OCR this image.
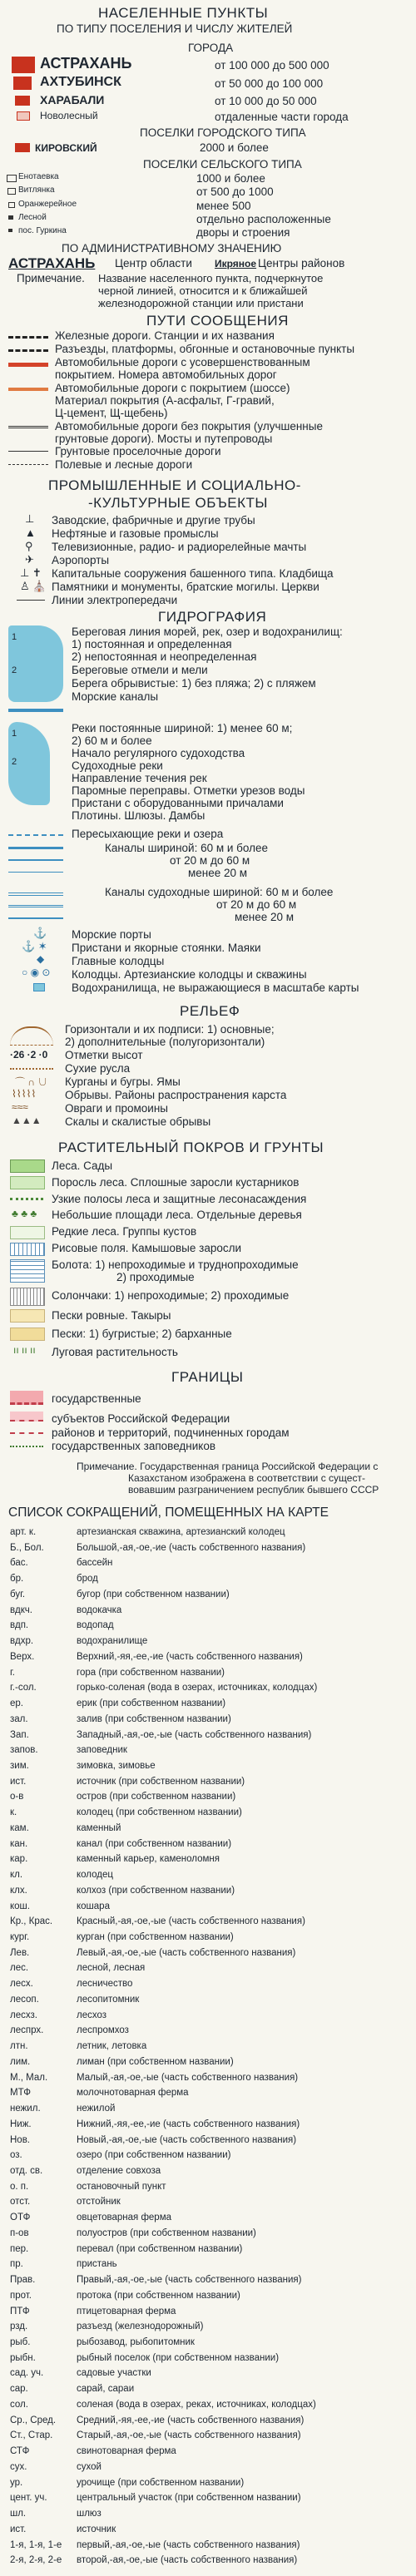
НАСЕЛЕННЫЕ ПУНКТЫ
ПО ТИПУ ПОСЕЛЕНИЯ И ЧИСЛУ ЖИТЕЛЕЙ
ГОРОДА
АСТРАХАНЬ	от 100 000 до 500 000
АХТУБИНСК	от 50 000 до 100 000
ХАРАБАЛИ	от 10 000 до 50 000
Новолесный	отдаленные части города
ПОСЕЛКИ ГОРОДСКОГО ТИПА
КИРОВСКИЙ	2000 и более
ПОСЕЛКИ СЕЛЬСКОГО ТИПА
Енотаевка	1000 и более
Витлянка	от 500 до 1000
Оранжерейное	менее 500
Лесной	отдельно расположенные
пос. Гуркина	дворы и строения
ПО АДМИНИСТРАТИВНОМУ ЗНАЧЕНИЮ
АСТРАХАНЬ Центр области Икряное Центры районов
Примечание. Название населенного пункта, подчеркнутое
черной линией, относится и к ближайшей
железнодорожной станции или пристани
ПУТИ СООБЩЕНИЯ
Железные дороги. Станции и их названия
Разъезды, платформы, обгонные и остановочные пункты
Автомобильные дороги с усовершенствованным
покрытием. Номера автомобильных дорог
Автомобильные дороги с покрытием (шоссе)
Материал покрытия (А-асфальт, Г-гравий,
Ц-цемент, Щ-щебень)
Автомобильные дороги без покрытия (улучшенные
грунтовые дороги). Мосты и путепроводы
Грунтовые проселочные дороги
Полевые и лесные дороги
ПРОМЫШЛЕННЫЕ И СОЦИАЛЬНО-
-КУЛЬТУРНЫЕ ОБЪЕКТЫ
⊥ Заводские, фабричные и другие трубы
▲ Нефтяные и газовые промыслы
⚲ Телевизионные, радио- и радиорелейные мачты
✈ Аэропорты
⊥ ✝ Капитальные сооружения башенного типа. Кладбища
♙ ⛪ Памятники и монументы, братские могилы. Церкви
Линии электропередачи
ГИДРОГРАФИЯ
1
2
Береговая линия морей, рек, озер и водохранилищ:
1) постоянная и определенная
2) непостоянная и неопределенная
Береговые отмели и мели
Берега обрывистые: 1) без пляжа; 2) с пляжем
Морские каналы
1
2
Реки постоянные шириной: 1) менее 60 м;
2) 60 м и более
Начало регулярного судоходства
Судоходные реки
Направление течения рек
Паромные переправы. Отметки урезов воды
Пристани с оборудованными причалами
Плотины. Шлюзы. Дамбы
Пересыхающие реки и озера
Каналы шириной: 60 м и более
от 20 м до 60 м
менее 20 м
Каналы судоходные шириной: 60 м и более
от 20 м до 60 м
менее 20 м
⚓ Морские порты
⚓ ✶ Пристани и якорные стоянки. Маяки
◆ Главные колодцы
○ ◉ ⊙ Колодцы. Артезианские колодцы и скважины
Водохранилища, не выражающиеся в масштабе карты
РЕЛЬЕФ
Горизонтали и их подписи: 1) основные;
2) дополнительные (полугоризонтали)
·26 ·2 ·0 Отметки высот
Сухие русла
⌒ ∩ ∪ Курганы и бугры. Ямы
⌇⌇⌇⌇⌇	Обрывы. Районы распространения карста
≈≈≈	Овраги и промоины
▲▲▲ Скалы и скалистые обрывы
РАСТИТЕЛЬНЫЙ ПОКРОВ И ГРУНТЫ
Леса. Сады
Поросль леса. Сплошные заросли кустарников
Узкие полосы леса и защитные лесонасаждения
♣ ♣ ♣ Небольшие площади леса. Отдельные деревья
Редкие леса. Группы кустов
Рисовые поля. Камышовые заросли
Болота: 1) непроходимые и труднопроходимые
2) проходимые
Солончаки: 1) непроходимые; 2) проходимые
Пески ровные. Такыры
Пески: 1) бугристые; 2) барханные
ıı ıı ıı Луговая растительность
ГРАНИЦЫ
государственные
субъектов Российской Федерации
районов и территорий, подчиненных городам
государственных заповедников
Примечание. Государственная граница Российской Федерации с
Казахстаном изображена в соответствии с сущест-
вовавшим разграничением республик бывшего СССР
СПИСОК СОКРАЩЕНИЙ, ПОМЕЩЕННЫХ НА КАРТЕ
арт. к.	артезианская скважина, артезианский колодец
Б., Бол.	Большой,-ая,-ое,-ие (часть собственного названия)
бас.	бассейн
бр.	брод
буг.	бугор (при собственном названии)
вдкч.	водокачка
вдп.	водопад
вдхр.	водохранилище
Верх.	Верхний,-яя,-ее,-ие (часть собственного названия)
г.	гора (при собственном названии)
г.-сол.	горько-соленая (вода в озерах, источниках, колодцах)
ер.	ерик (при собственном названии)
зал.	залив (при собственном названии)
Зап.	Западный,-ая,-ое,-ые (часть собственного названия)
запов.	заповедник
зим.	зимовка, зимовье
ист.	источник (при собственном названии)
о-в	остров (при собственном названии)
к.	колодец (при собственном названии)
кам.	каменный
кан.	канал (при собственном названии)
кар.	каменный карьер, каменоломня
кл.	колодец
клх.	колхоз (при собственном названии)
кош.	кошара
Кр., Крас.	Красный,-ая,-ое,-ые (часть собственного названия)
кург.	курган (при собственном названии)
Лев.	Левый,-ая,-ое,-ые (часть собственного названия)
лес.	лесной, лесная
лесх.	лесничество
лесоп.	лесопитомник
лесхз.	лесхоз
леспрх.	леспромхоз
лтн.	летник, летовка
лим.	лиман (при собственном названии)
М., Мал.	Малый,-ая,-ое,-ые (часть собственного названия)
МТФ	молочнотоварная ферма
нежил.	нежилой
Ниж.	Нижний,-яя,-ее,-ие (часть собственного названия)
Нов.	Новый,-ая,-ое,-ые (часть собственного названия)
оз.	озеро (при собственном названии)
отд. св.	отделение совхоза
о. п.	остановочный пункт
отст.	отстойник
ОТФ	овцетоварная ферма
п-ов	полуостров (при собственном названии)
пер.	перевал (при собственном названии)
пр.	пристань
Прав.	Правый,-ая,-ое,-ые (часть собственного названия)
прот.	протока (при собственном названии)
ПТФ	птицетоварная ферма
рзд.	разъезд (железнодорожный)
рыб.	рыбозавод, рыбопитомник
рыбн.	рыбный поселок (при собственном названии)
сад. уч.	садовые участки
сар.	сарай, сараи
сол.	соленая (вода в озерах, реках, источниках, колодцах)
Ср., Сред.	Средний,-яя,-ее,-ие (часть собственного названия)
Ст., Стар.	Старый,-ая,-ое,-ые (часть собственного названия)
СТФ	свинотоварная ферма
сух.	сухой
ур.	урочище (при собственном названии)
цент. уч.	центральный участок (при собственном названии)
шл.	шлюз
ист.	источник
1-я, 1-я, 1-е	первый,-ая,-ое,-ые (часть собственного названия)
2-я, 2-я, 2-е	второй,-ая,-ое,-ые (часть собственного названия)
